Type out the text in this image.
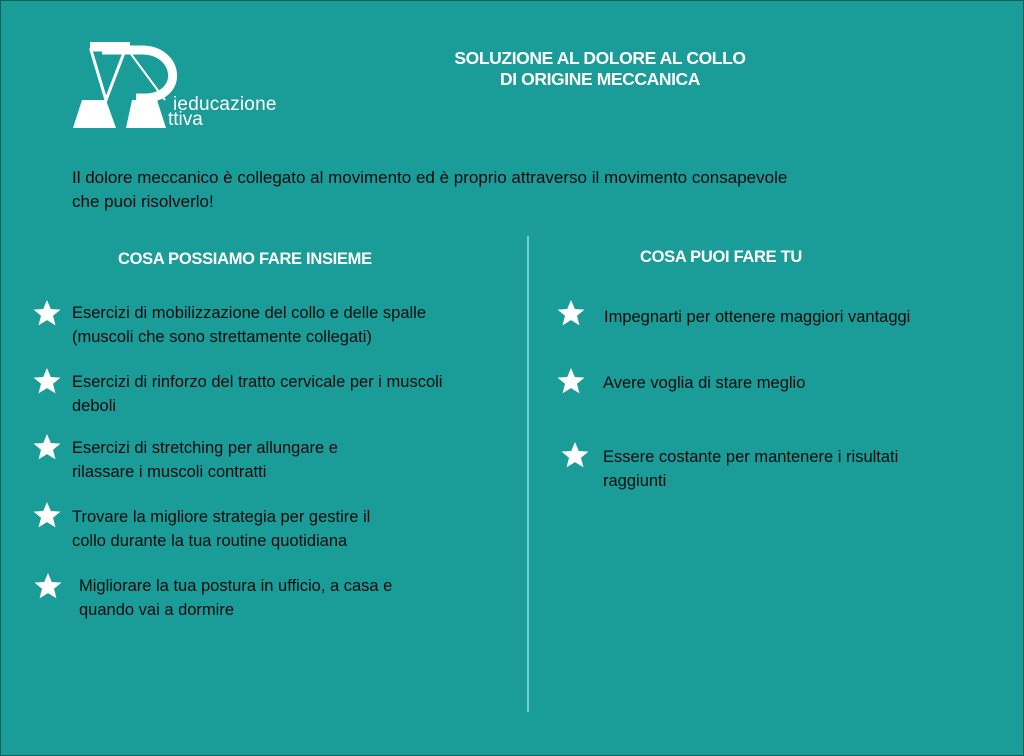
ieducazione
ttiva
SOLUZIONE AL DOLORE AL COLLO
DI ORIGINE MECCANICA
Il dolore meccanico è collegato al movimento ed è proprio attraverso il movimento consapevole
che puoi risolverlo!
COSA POSSIAMO FARE INSIEME
Esercizi di mobilizzazione del collo e delle spalle
(muscoli che sono strettamente collegati)
Esercizi di rinforzo del tratto cervicale per i muscoli
deboli
Esercizi di stretching per allungare e
rilassare i muscoli contratti
Trovare la migliore strategia per gestire il
collo durante la tua routine quotidiana
Migliorare la tua postura in ufficio, a casa e
quando vai a dormire
COSA PUOI FARE TU
Impegnarti per ottenere maggiori vantaggi
Avere voglia di stare meglio
Essere costante per mantenere i risultati
raggiunti
